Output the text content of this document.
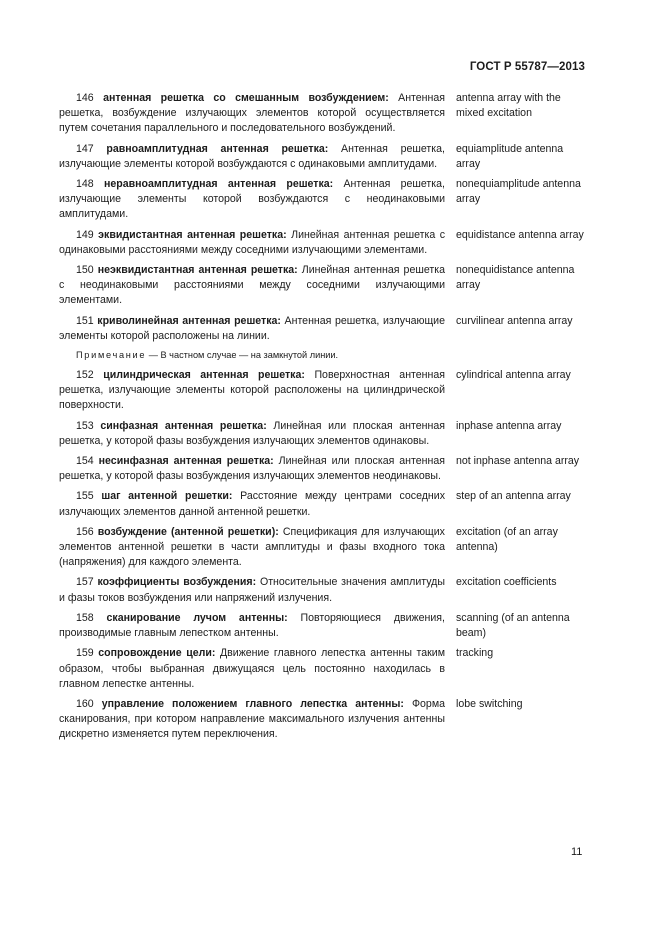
ГОСТ Р 55787—2013
146 антенная решетка со смешанным возбуждением: Антенная решетка, возбуждение излучающих элементов которой осуществляется путем сочетания параллельного и последовательного возбуждений.
antenna array with the mixed excitation
147 равноамплитудная антенная решетка: Антенная решетка, излучающие элементы которой возбуждаются с одинаковыми амплитудами.
equiamplitude antenna array
148 неравноамплитудная антенная решетка: Антенная решетка, излучающие элементы которой возбуждаются с неодинаковыми амплитудами.
nonequiamplitude antenna array
149 эквидистантная антенная решетка: Линейная антенная решетка с одинаковыми расстояниями между соседними излучающими элементами.
equidistance antenna array
150 неэквидистантная антенная решетка: Линейная антенная решетка с неодинаковыми расстояниями между соседними излучающими элементами.
nonequidistance antenna array
151 криволинейная антенная решетка: Антенная решетка, излучающие элементы которой расположены на линии.
curvilinear antenna array
Примечание — В частном случае — на замкнутой линии.
152 цилиндрическая антенная решетка: Поверхностная антенная решетка, излучающие элементы которой расположены на цилиндрической поверхности.
cylindrical antenna array
153 синфазная антенная решетка: Линейная или плоская антенная решетка, у которой фазы возбуждения излучающих элементов одинаковы.
inphase antenna array
154 несинфазная антенная решетка: Линейная или плоская антенная решетка, у которой фазы возбуждения излучающих элементов неодинаковы.
not inphase antenna array
155 шаг антенной решетки: Расстояние между центрами соседних излучающих элементов данной антенной решетки.
step of an antenna array
156 возбуждение (антенной решетки): Спецификация для излучающих элементов антенной решетки в части амплитуды и фазы входного тока (напряжения) для каждого элемента.
excitation (of an array antenna)
157 коэффициенты возбуждения: Относительные значения амплитуды и фазы токов возбуждения или напряжений излучения.
excitation coefficients
158 сканирование лучом антенны: Повторяющиеся движения, производимые главным лепестком антенны.
scanning (of an antenna beam)
159 сопровождение цели: Движение главного лепестка антенны таким образом, чтобы выбранная движущаяся цель постоянно находилась в главном лепестке антенны.
tracking
160 управление положением главного лепестка антенны: Форма сканирования, при котором направление максимального излучения антенны дискретно изменяется путем переключения.
lobe switching
11
